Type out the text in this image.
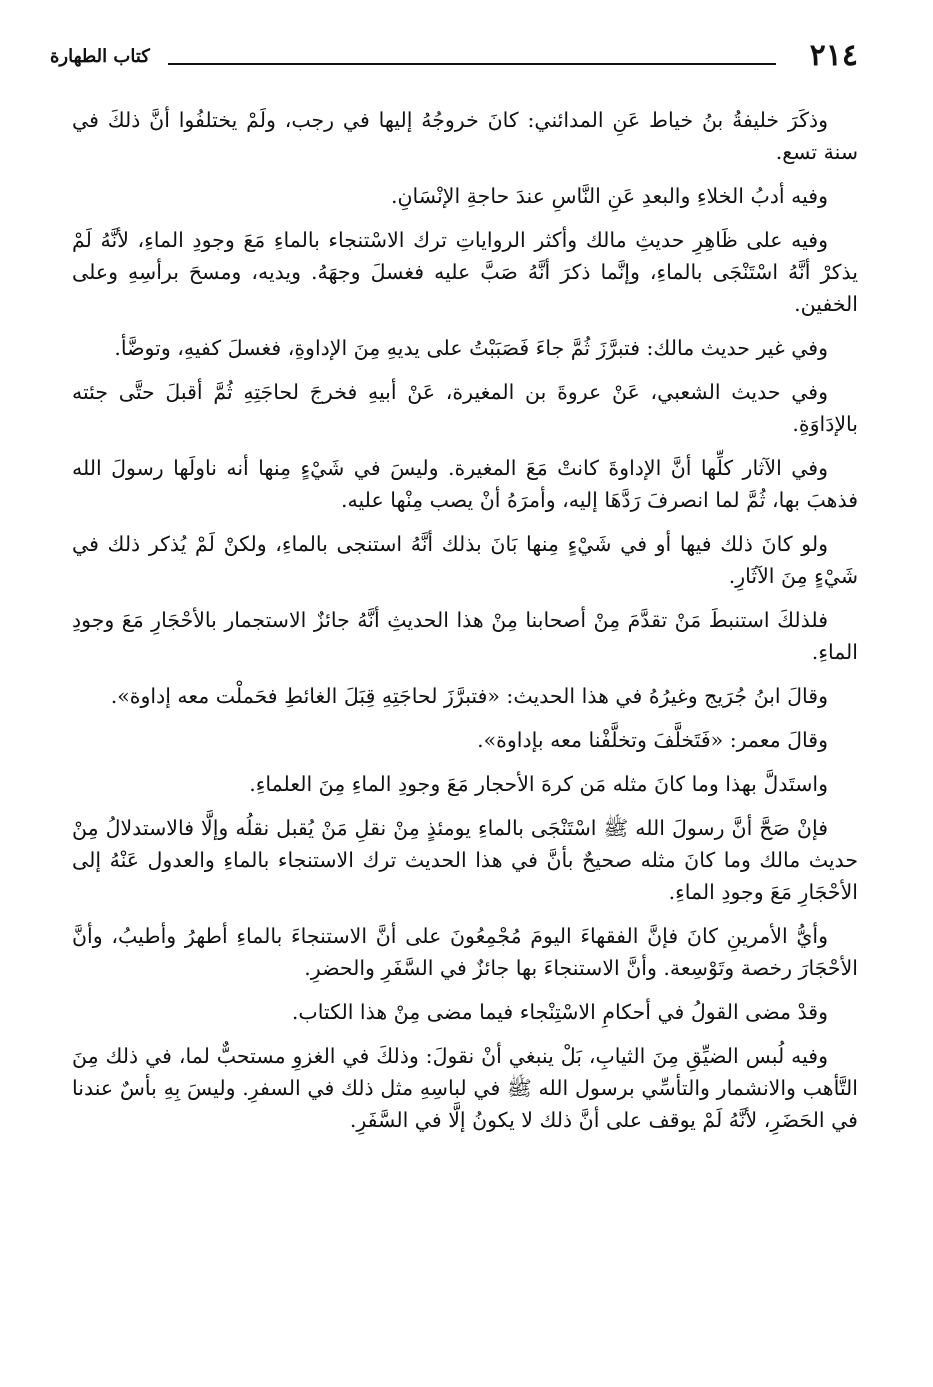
٢١٤
كتاب الطهارة

وذكَرَ خليفةُ بنُ خياط عَنِ المدائني: كانَ خروجُهُ إليها في رجب، ولَمْ يختلفُوا أنَّ ذلكَ في سنة تسع.

وفيه أدبُ الخلاءِ والبعدِ عَنِ النَّاسِ عندَ حاجةِ الإنْسَانِ.

وفيه على ظَاهِرِ حديثِ مالك وأكثر الرواياتِ ترك الاسْتنجاء بالماءِ مَعَ وجودِ الماءِ، لأنَّهُ لَمْ يذكرْ أنَّهُ اسْتَنْجَى بالماءِ، وإنَّما ذكرَ أنَّهُ صَبَّ عليه فغسلَ وجهَهُ. ويديه، ومسحَ برأسِهِ وعلى الخفين.

وفي غير حديث مالك: فتبرَّزَ ثُمَّ جاءَ فَصَبَبْتُ على يديهِ مِنَ الإداوةِ، فغسلَ كفيهِ، وتوضَّأ.

وفي حديث الشعبي، عَنْ عروةَ بن المغيرة، عَنْ أبيهِ فخرجَ لحاجَتِهِ ثُمَّ أقبلَ حتَّى جئته بالإدَاوَةِ.

وفي الآثار كلِّها أنَّ الإداوةَ كانتْ مَعَ المغيرة. وليسَ في شَيْءٍ مِنها أنه ناولَها رسولَ الله فذهبَ بها، ثُمَّ لما انصرفَ رَدَّهَا إليه، وأمرَهُ أنْ يصب مِنْها عليه.

ولو كانَ ذلك فيها أو في شَيْءٍ مِنها بَانَ بذلك أنَّهُ استنجى بالماءِ، ولكنْ لَمْ يُذكر ذلك في شَيْءٍ مِنَ الآثَارِ.

فلذلكَ استنبطَ مَنْ تقدَّمَ مِنْ أصحابنا مِنْ هذا الحديثِ أنَّهُ جائزٌ الاستجمار بالأحْجَارِ مَعَ وجودِ الماءِ.

وقالَ ابنُ جُرَيج وغيرُهُ في هذا الحديث: «فتبرَّزَ لحاجَتِهِ قِبَلَ الغائطِ فحَملْت معه إداوة».

وقالَ معمر: «فَتَخلَّفَ وتخلَّفْنا معه بإداوة».

واستَدلَّ بهذا وما كانَ مثله مَن كرهَ الأحجار مَعَ وجودِ الماءِ مِنَ العلماءِ.

فإنْ صَحَّ أنَّ رسولَ الله ﷺ اسْتَنْجَى بالماءِ يومئذٍ مِنْ نقلِ مَنْ يُقبل نقلُه وإلَّا فالاستدلالُ مِنْ حديث مالك وما كانَ مثله صحيحٌ بأنَّ في هذا الحديث ترك الاستنجاء بالماءِ والعدول عَنْهُ إلى الأحْجَارِ مَعَ وجودِ الماءِ.

وأيُّ الأمرينِ كانَ فإنَّ الفقهاءَ اليومَ مُجْمِعُونَ على أنَّ الاستنجاءَ بالماءِ أطهرُ وأطيبُ، وأنَّ الأحْجَارَ رخصة وتَوْسِعة. وأنَّ الاستنجاءَ بها جائزٌ في السَّفَرِ والحضرِ.

وقدْ مضى القولُ في أحكامِ الاسْتِنْجاء فيما مضى مِنْ هذا الكتاب.

وفيه لُبس الضيِّقِ مِنَ الثيابِ، بَلْ ينبغي أنْ نقولَ: وذلكَ في الغزوِ مستحبٌّ لما، في ذلك مِنَ التَّأهب والانشمار والتأسِّي برسول الله ﷺ في لباسِهِ مثل ذلك في السفرِ. وليسَ بِهِ بأسٌ عندنا في الحَضَرِ، لأنَّهُ لَمْ يوقف على أنَّ ذلك لا يكونُ إلَّا في السَّفَرِ.
